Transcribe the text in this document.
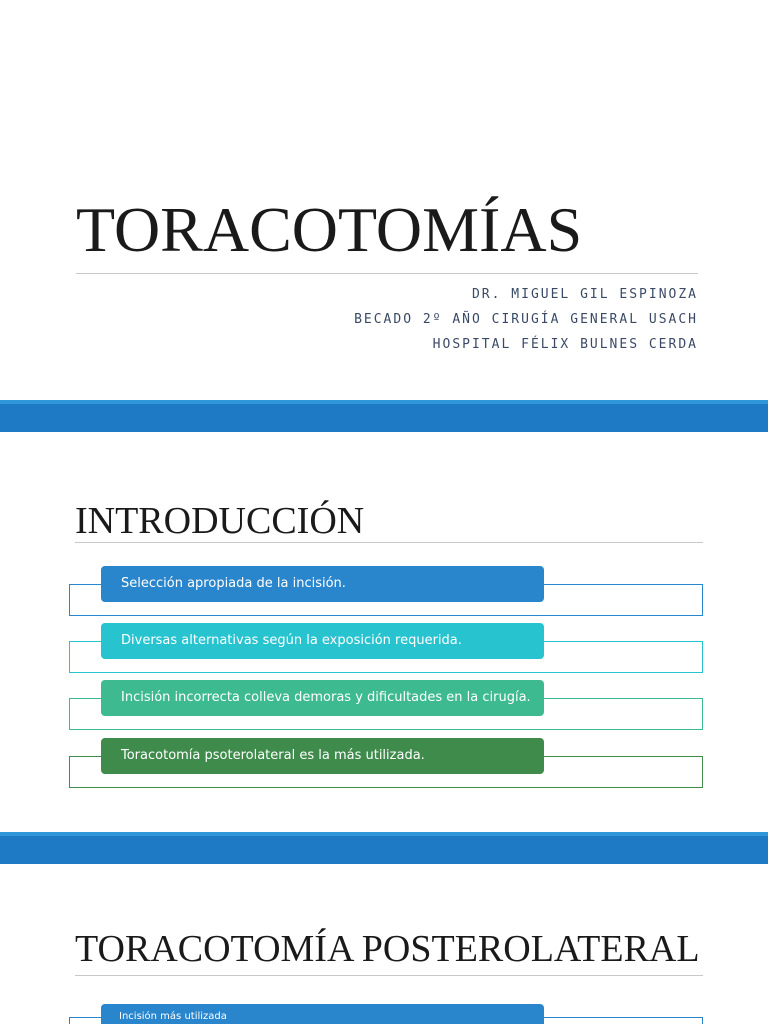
TORACOTOMÍAS
DR. MIGUEL GIL ESPINOZA
BECADO 2º AÑO CIRUGÍA GENERAL USACH
HOSPITAL FÉLIX BULNES CERDA
INTRODUCCIÓN
Selección apropiada de la incisión.
Diversas alternativas según la exposición requerida.
Incisión incorrecta colleva demoras y dificultades en la cirugía.
Toracotomía psoterolateral es la más utilizada.
TORACOTOMÍA POSTEROLATERAL
Incisión más utilizada
